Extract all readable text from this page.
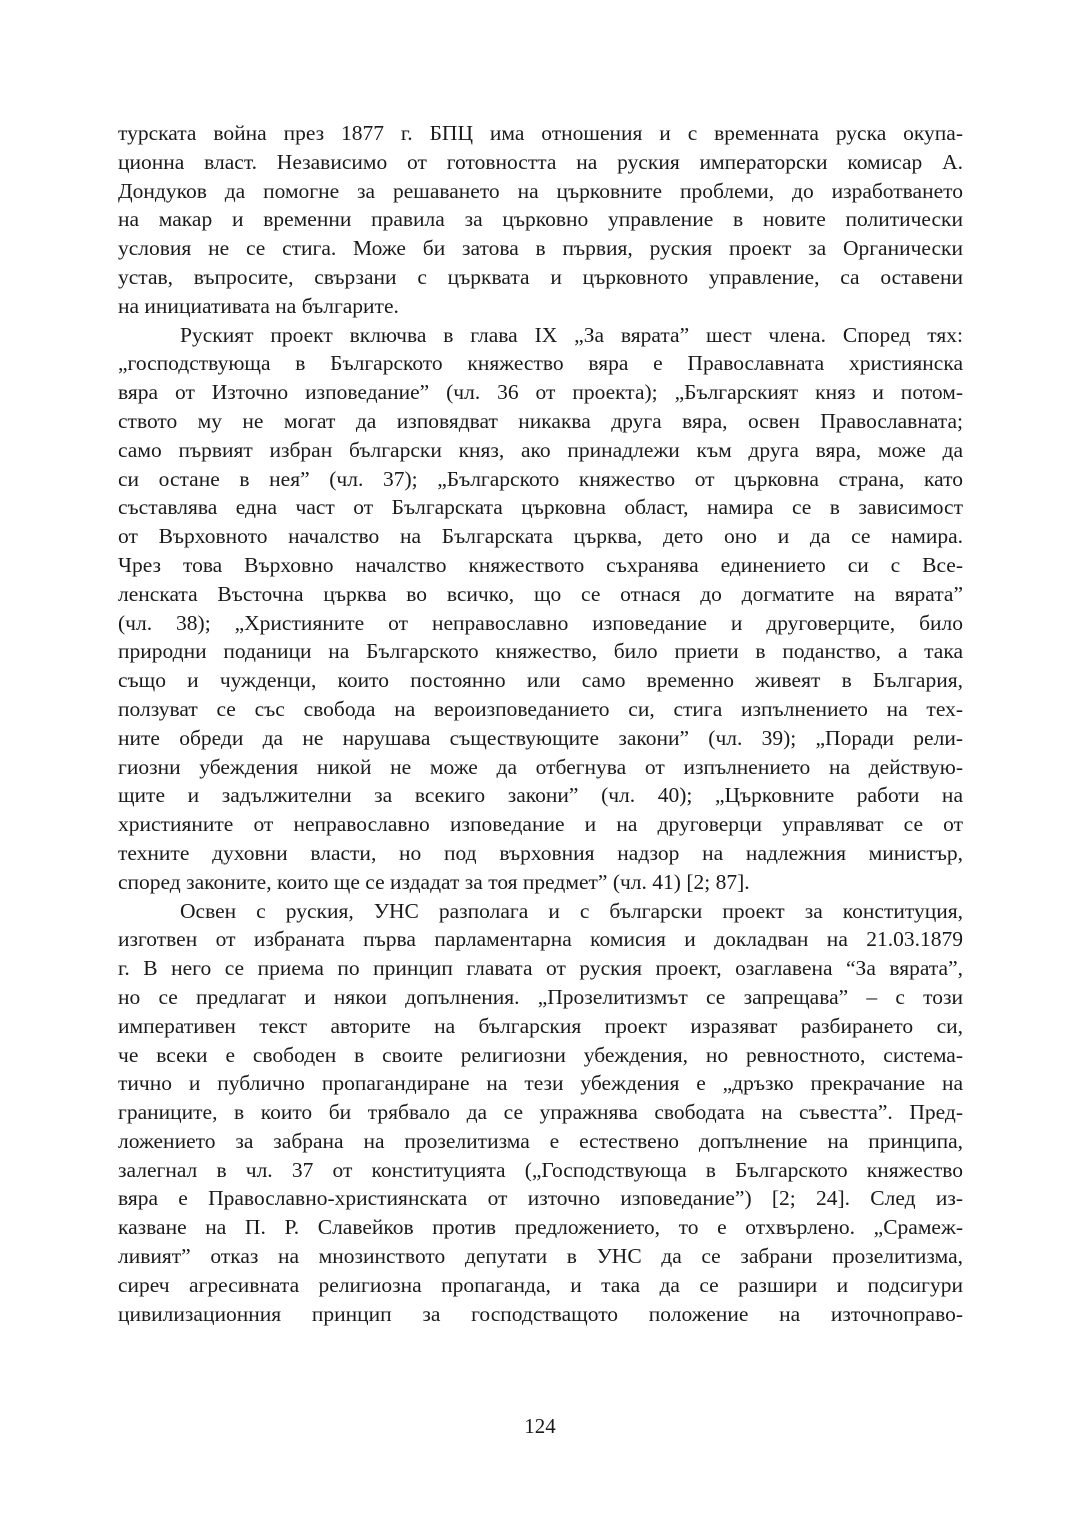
турската война през 1877 г. БПЦ има отношения и с временната руска окупа-
ционна власт. Независимо от готовността на руския императорски комисар А.
Дондуков да помогне за решаването на църковните проблеми, до изработването
на макар и временни правила за църковно управление в новите политически
условия не се стига. Може би затова в първия, руския проект за Органически
устав, въпросите, свързани с църквата и църковното управление, са оставени
на инициативата на българите.

Руският проект включва в глава IX „За вярата” шест члена. Според тях:
„господствующа в Българското княжество вяра е Православната християнска
вяра от Източно изповедание” (чл. 36 от проекта); „Българският княз и потом-
ството му не могат да изповядват никаква друга вяра, освен Православната;
само първият избран български княз, ако принадлежи към друга вяра, може да
си остане в нея” (чл. 37); „Българското княжество от църковна страна, като
съставлява една част от Българската църковна област, намира се в зависимост
от Върховното началство на Българската църква, дето оно и да се намира.
Чрез това Върховно началство княжеството съхранява единението си с Все-
ленската Въсточна църква во всичко, що се отнася до догматите на вярата”
(чл. 38); „Християните от неправославно изповедание и друговерците, било
природни поданици на Българското княжество, било приети в поданство, а така
също и чужденци, които постоянно или само временно живеят в България,
ползуват се със свобода на вероизповеданието си, стига изпълнението на тех-
ните обреди да не нарушава съществующите закони” (чл. 39); „Поради рели-
гиозни убеждения никой не може да отбегнува от изпълнението на действую-
щите и задължителни за всекиго закони” (чл. 40); „Църковните работи на
християните от неправославно изповедание и на друговерци управляват се от
техните духовни власти, но под върховния надзор на надлежния министър,
според законите, които ще се издадат за тоя предмет” (чл. 41) [2; 87].

Освен с руския, УНС разполага и с български проект за конституция,
изготвен от избраната първа парламентарна комисия и докладван на 21.03.1879
г. В него се приема по принцип главата от руския проект, озаглавена “За вярата”,
но се предлагат и някои допълнения. „Прозелитизмът се запрещава” – с този
императивен текст авторите на българския проект изразяват разбирането си,
че всеки е свободен в своите религиозни убеждения, но ревностното, система-
тично и публично пропагандиране на тези убеждения е „дръзко прекрачание на
границите, в които би трябвало да се упражнява свободата на съвестта”. Пред-
ложението за забрана на прозелитизма е естествено допълнение на принципа,
залегнал в чл. 37 от конституцията („Господствующа в Българското княжество
вяра е Православно-християнската от източно изповедание”) [2; 24]. След из-
казване на П. Р. Славейков против предложението, то е отхвърлено. „Срамеж-
ливият” отказ на мнозинството депутати в УНС да се забрани прозелитизма,
сиреч агресивната религиозна пропаганда, и така да се разшири и подсигури
цивилизационния принцип за господстващото положение на източноправо-

124
